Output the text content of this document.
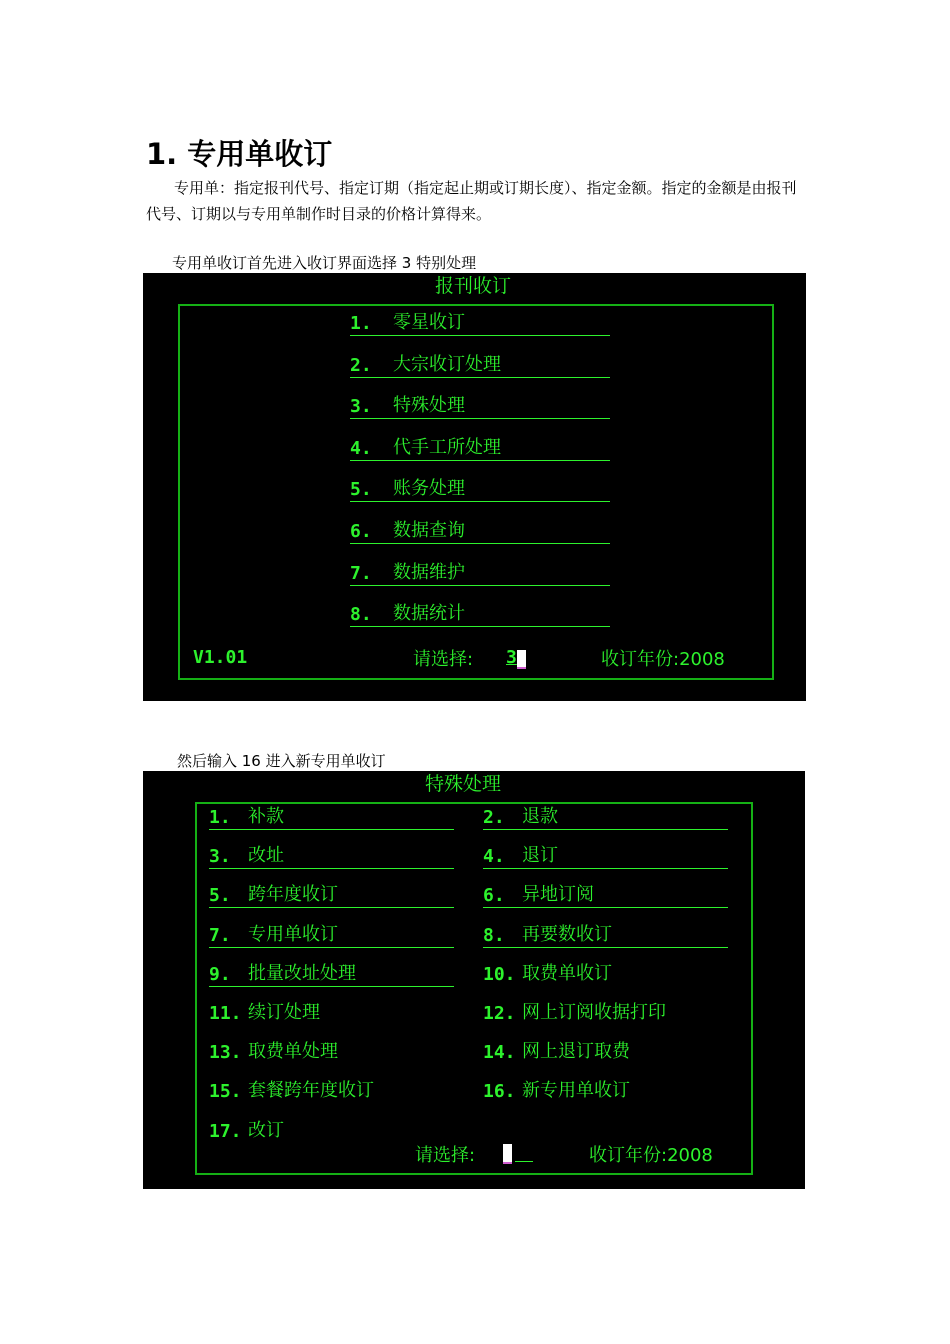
1. 专用单收订
专用单：指定报刊代号、指定订期（指定起止期或订期长度）、指定金额。指定的金额是由报刊代号、订期以与专用单制作时目录的价格计算得来。
专用单收订首先进入收订界面选择 3 特别处理
报刊收订
1. 零星收订
2. 大宗收订处理
3. 特殊处理
4. 代手工所处理
5. 账务处理
6. 数据查询
7. 数据维护
8. 数据统计
V1.01	请选择: 3	收订年份:2008
然后输入 16 进入新专用单收订
特殊处理
1. 补款
3. 改址
5. 跨年度收订
7. 专用单收订
9. 批量改址处理
11. 续订处理
13. 取费单处理
15. 套餐跨年度收订
17. 改订
2. 退款
4. 退订
6. 异地订阅
8. 再要数收订
10. 取费单收订
12. 网上订阅收据打印
14. 网上退订取费
16. 新专用单收订
请选择:	收订年份:2008
